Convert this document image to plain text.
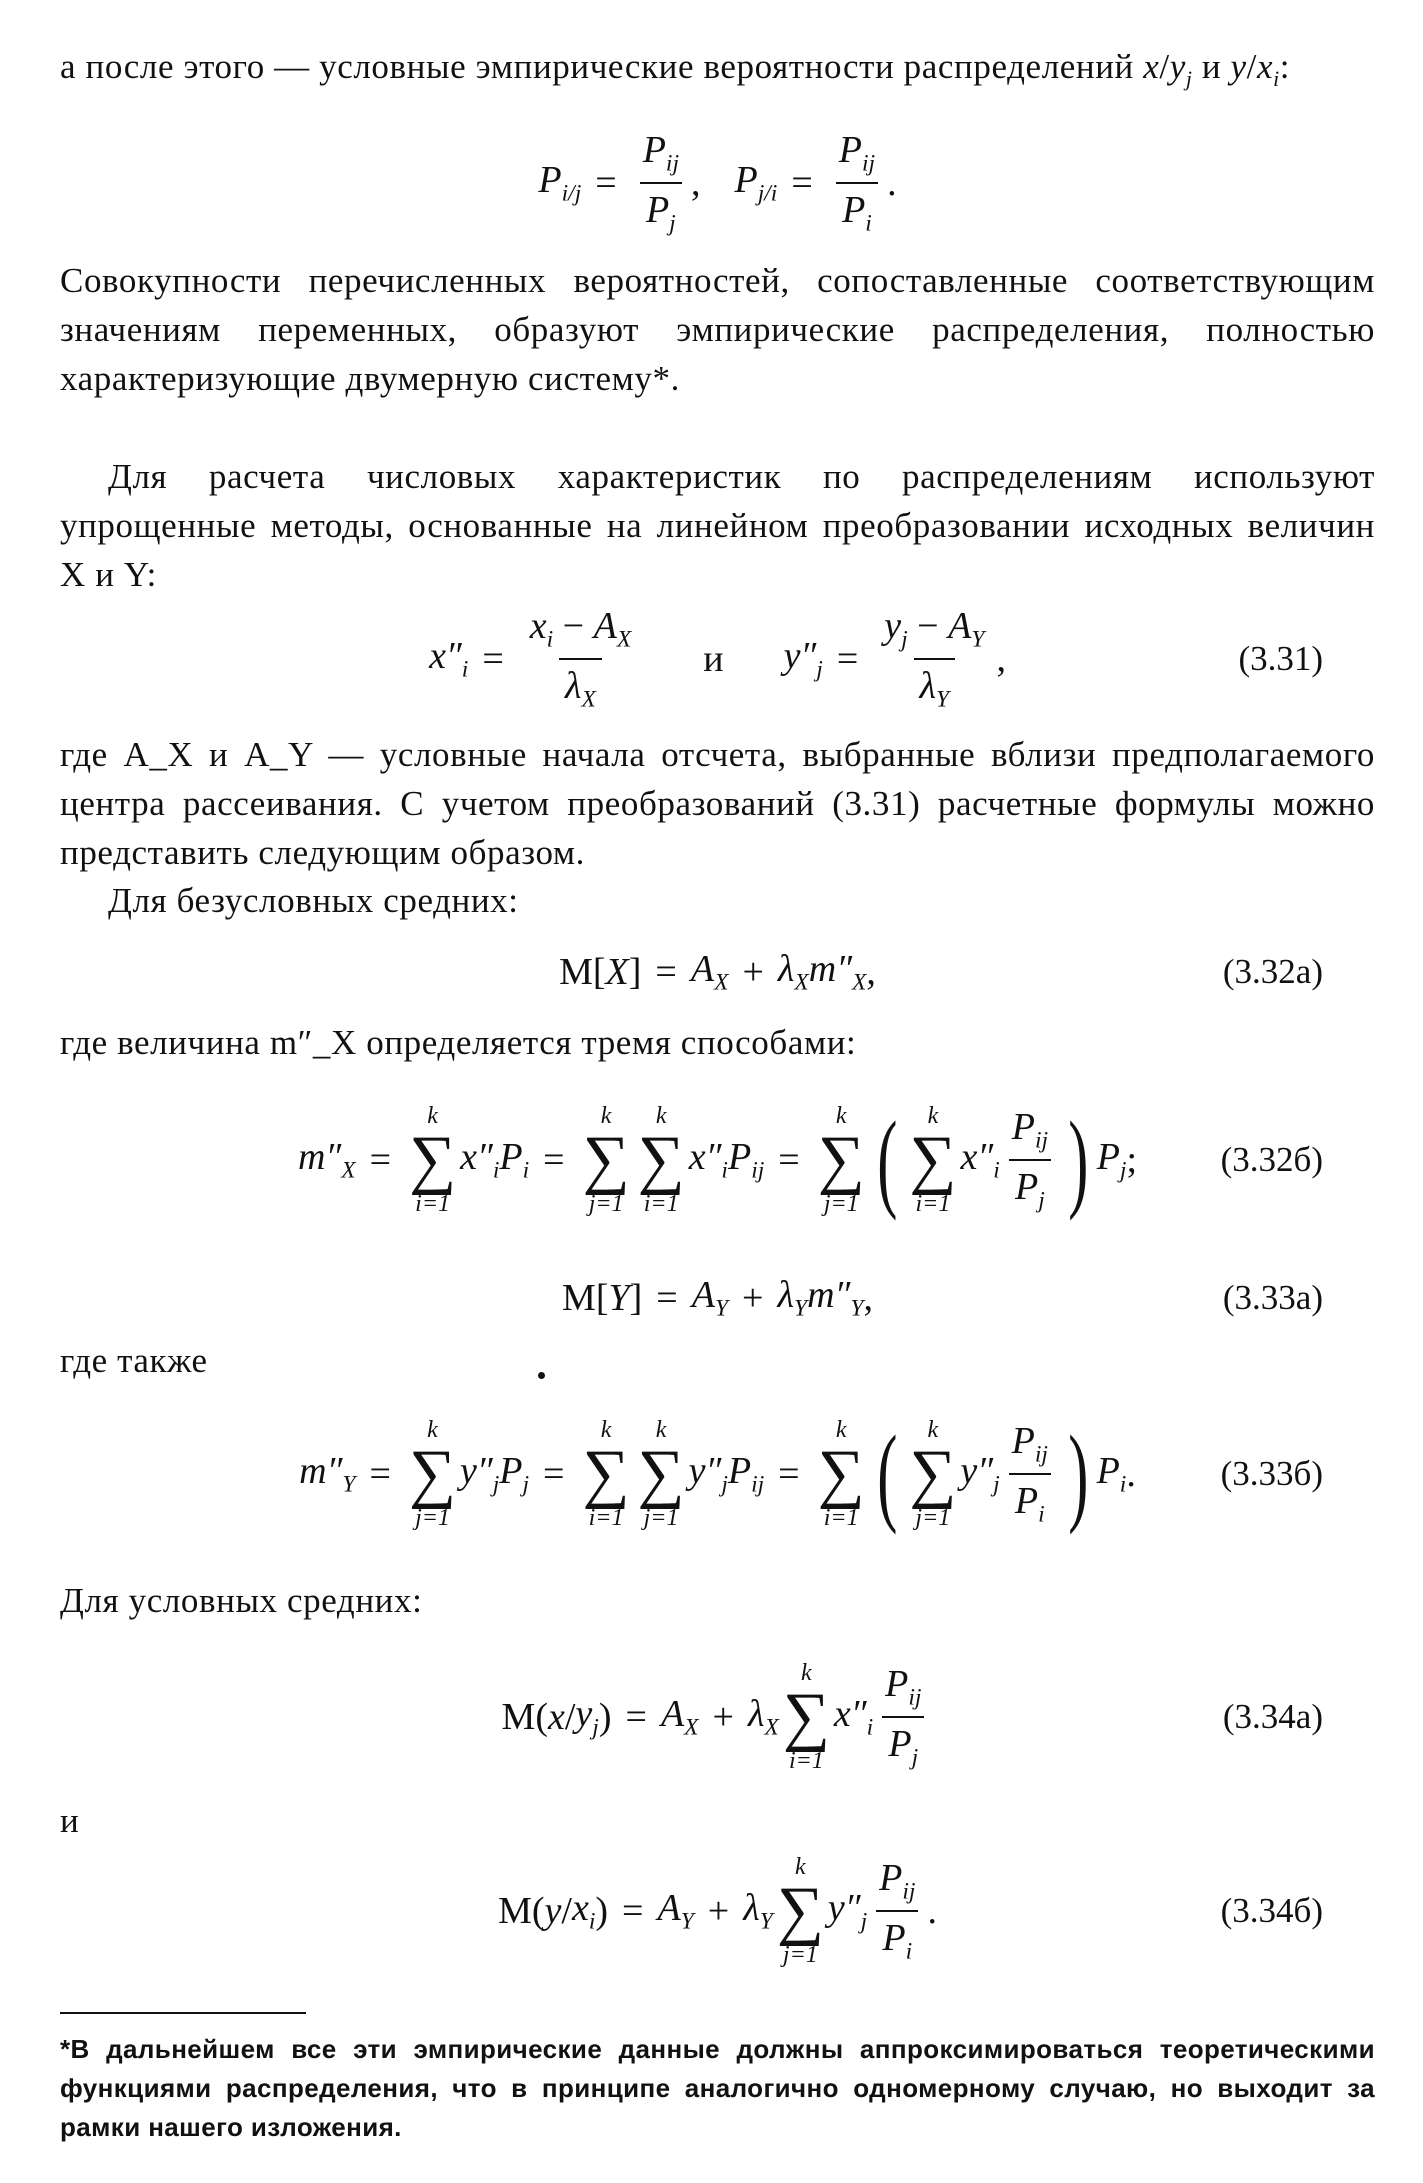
а после этого — условные эмпирические вероятности распределений $x/y_j$ и $y/x_i$:

$P_{i/j} = \frac{P_{ij}}{P_j}$ , $P_{j/i} = \frac{P_{ij}}{P_i}$ .

Совокупности перечисленных вероятностей, сопоставленные соответствующим значениям переменных, образуют эмпирические распределения, полностью характеризующие двумерную систему*.

Для расчета числовых характеристик по распределениям используют упрощенные методы, основанные на линейном преобразовании исходных величин X и Y:

$x''_i = \frac{x_i - A_X}{\lambda_X}$ и $y''_j = \frac{y_j - A_Y}{\lambda_Y}$ ,	(3.31)

где A_X и A_Y — условные начала отсчета, выбранные вблизи предполагаемого центра рассеивания. С учетом преобразований (3.31) расчетные формулы можно представить следующим образом.

Для безусловных средних:

M[ X ] = $A_X + \lambda_Xm''_X$ ,	(3.32a)

где величина m″_X определяется тремя способами:

$m''_X$ =
k
∑
i=1
$x''_iP_i$ =
k
∑
j=1
k
∑
i=1
$x''_iP_{ij}$ =
k
∑
j=1 ( k
∑
i=1
$x''_i \frac{P_{ij}}{P_j}$ ) $P_j$ ; (3.32б)
M[ Y ] = $A_Y + \lambda_Ym''_Y$ ,	(3.33a)

где также

$m''_Y$ =
k
∑
j=1
$y''_jP_j$ =
k
∑
i=1
k
∑
j=1
$y''_jP_{ij}$ =
k
∑
i=1 ( k
∑
j=1
$y''_j \frac{P_{ij}}{P_i}$ ) $P_i$ . (3.33б)

Для условных средних:

M( x / $y_j$ ) = $A_X + \lambda_X$
k
∑
i=1
$x''_i \frac{P_{ij}}{P_j}$	(3.34a)

и

M( y / $x_i$ ) = $A_Y + \lambda_Y$
k
∑
j=1
$y''_j \frac{P_{ij}}{P_i}$ .	(3.34б)

*В дальнейшем все эти эмпирические данные должны аппроксимироваться теоретическими функциями распределения, что в принципе аналогично одномерному случаю, но выходит за рамки нашего изложения.
